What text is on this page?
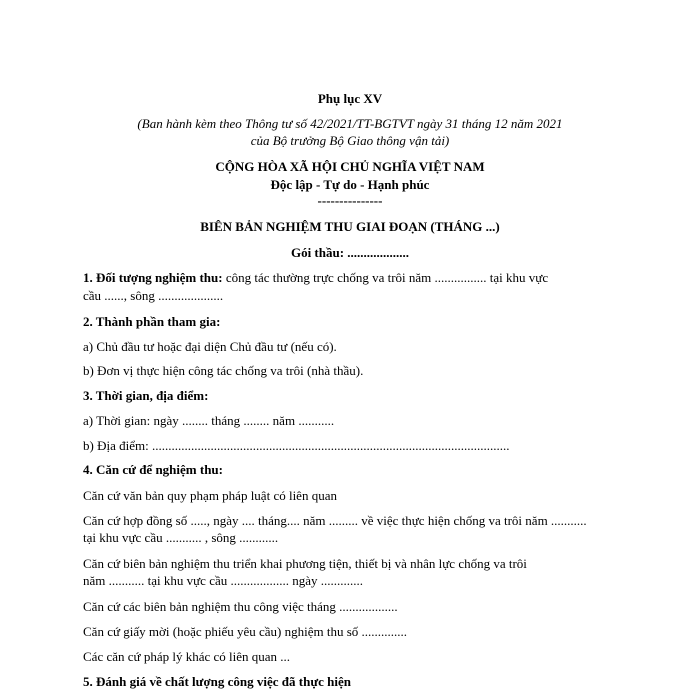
Phụ lục XV
(Ban hành kèm theo Thông tư số 42/2021/TT-BGTVT ngày 31 tháng 12 năm 2021
của Bộ trưởng Bộ Giao thông vận tải)
CỘNG HÒA XÃ HỘI CHỦ NGHĨA VIỆT NAM
Độc lập - Tự do - Hạnh phúc
---------------
BIÊN BẢN NGHIỆM THU GIAI ĐOẠN (THÁNG ...)
Gói thầu: ...................
1. Đối tượng nghiệm thu: công tác thường trực chống va trôi năm ................ tại khu vực
cầu ......, sông ....................
2. Thành phần tham gia:
a) Chủ đầu tư hoặc đại diện Chủ đầu tư (nếu có).
b) Đơn vị thực hiện công tác chống va trôi (nhà thầu).
3. Thời gian, địa điểm:
a) Thời gian: ngày ........ tháng ........ năm ...........
b) Địa điểm: ..............................................................................................................
4. Căn cứ để nghiệm thu:
Căn cứ văn bản quy phạm pháp luật có liên quan
Căn cứ hợp đồng số ....., ngày .... tháng.... năm ......... về việc thực hiện chống va trôi năm ...........
tại khu vực cầu ........... , sông ............
Căn cứ biên bản nghiệm thu triển khai phương tiện, thiết bị và nhân lực chống va trôi
năm ........... tại khu vực cầu .................. ngày .............
Căn cứ các biên bản nghiệm thu công việc tháng ..................
Căn cứ giấy mời (hoặc phiếu yêu cầu) nghiệm thu số ..............
Các căn cứ pháp lý khác có liên quan ...
5. Đánh giá về chất lượng công việc đã thực hiện
